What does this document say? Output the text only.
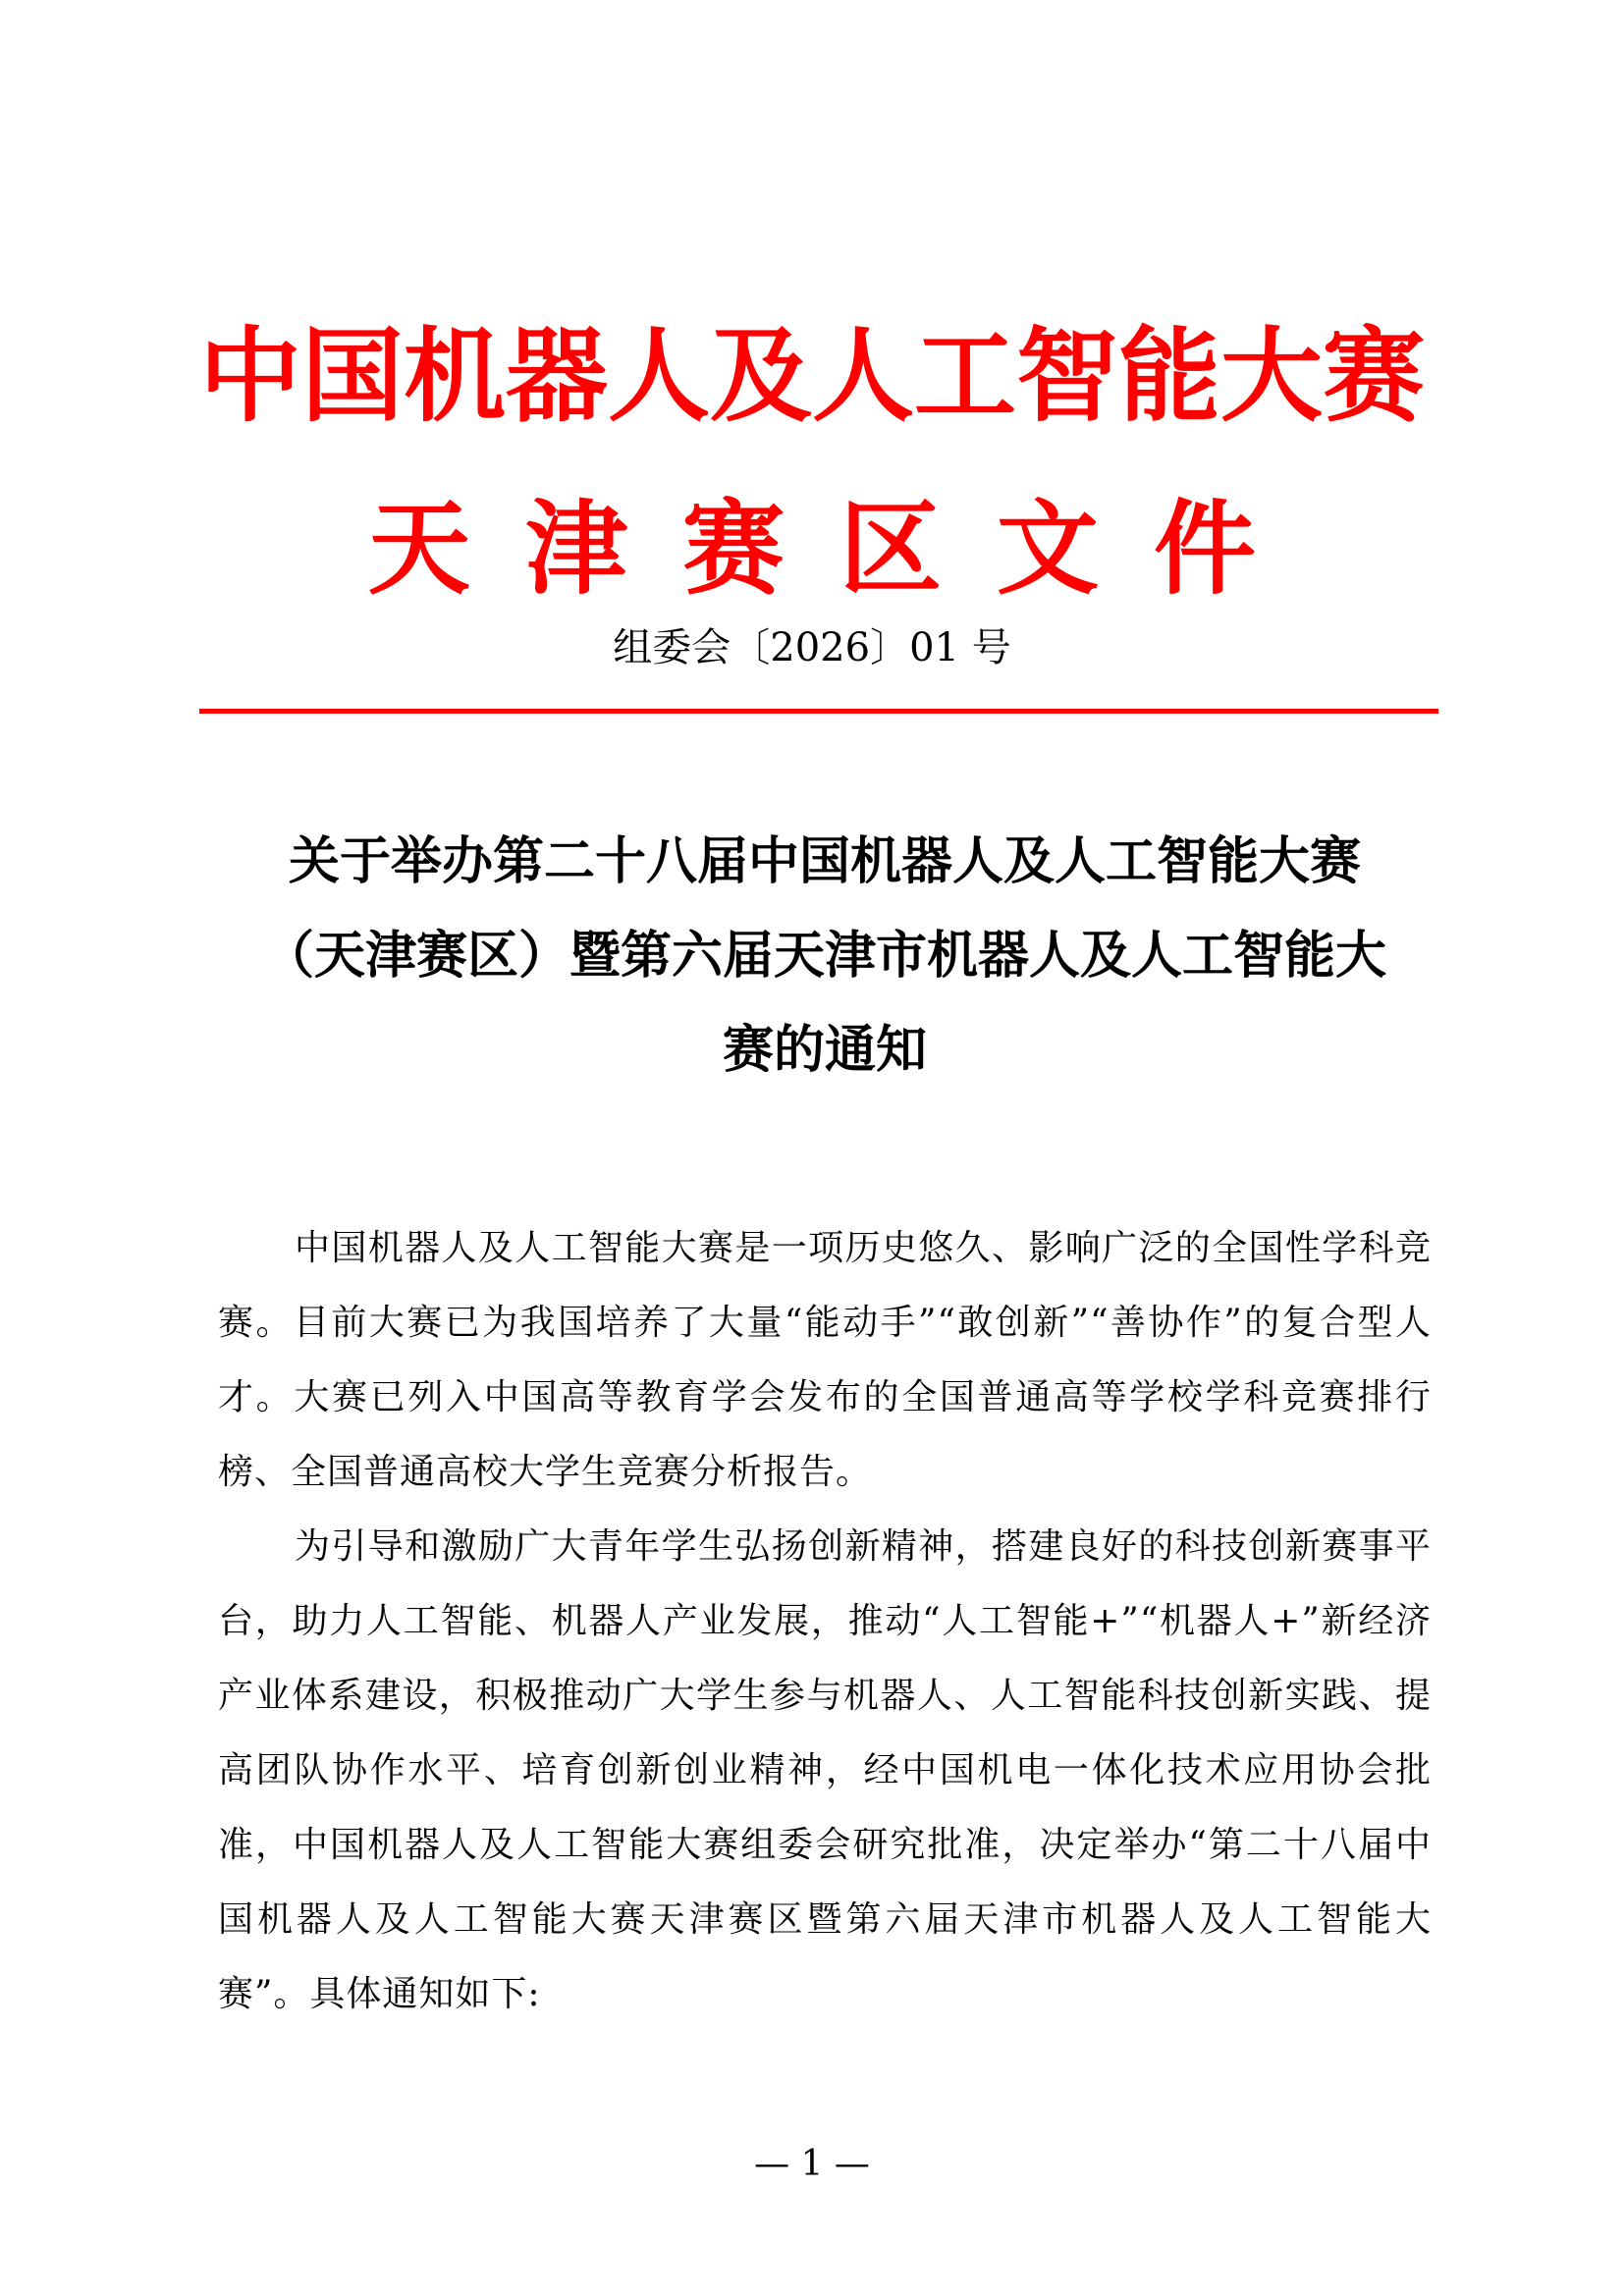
中国机器人及人工智能大赛
天津赛区文件
组委会〔2026〕01 号
关于举办第二十八届中国机器人及人工智能大赛
（天津赛区）暨第六届天津市机器人及人工智能大
赛的通知

中国机器人及人工智能大赛是一项历史悠久、影响广泛的全国性学科竞赛。目前大赛已为我国培养了大量“能动手”“敢创新”“善协作”的复合型人才。大赛已列入中国高等教育学会发布的全国普通高等学校学科竞赛排行榜、全国普通高校大学生竞赛分析报告。

为引导和激励广大青年学生弘扬创新精神，搭建良好的科技创新赛事平台，助力人工智能、机器人产业发展，推动“人工智能+”“机器人+”新经济产业体系建设，积极推动广大学生参与机器人、人工智能科技创新实践、提高团队协作水平、培育创新创业精神，经中国机电一体化技术应用协会批准，中国机器人及人工智能大赛组委会研究批准，决定举办“第二十八届中国机器人及人工智能大赛天津赛区暨第六届天津市机器人及人工智能大赛”。具体通知如下:

— 1 —
